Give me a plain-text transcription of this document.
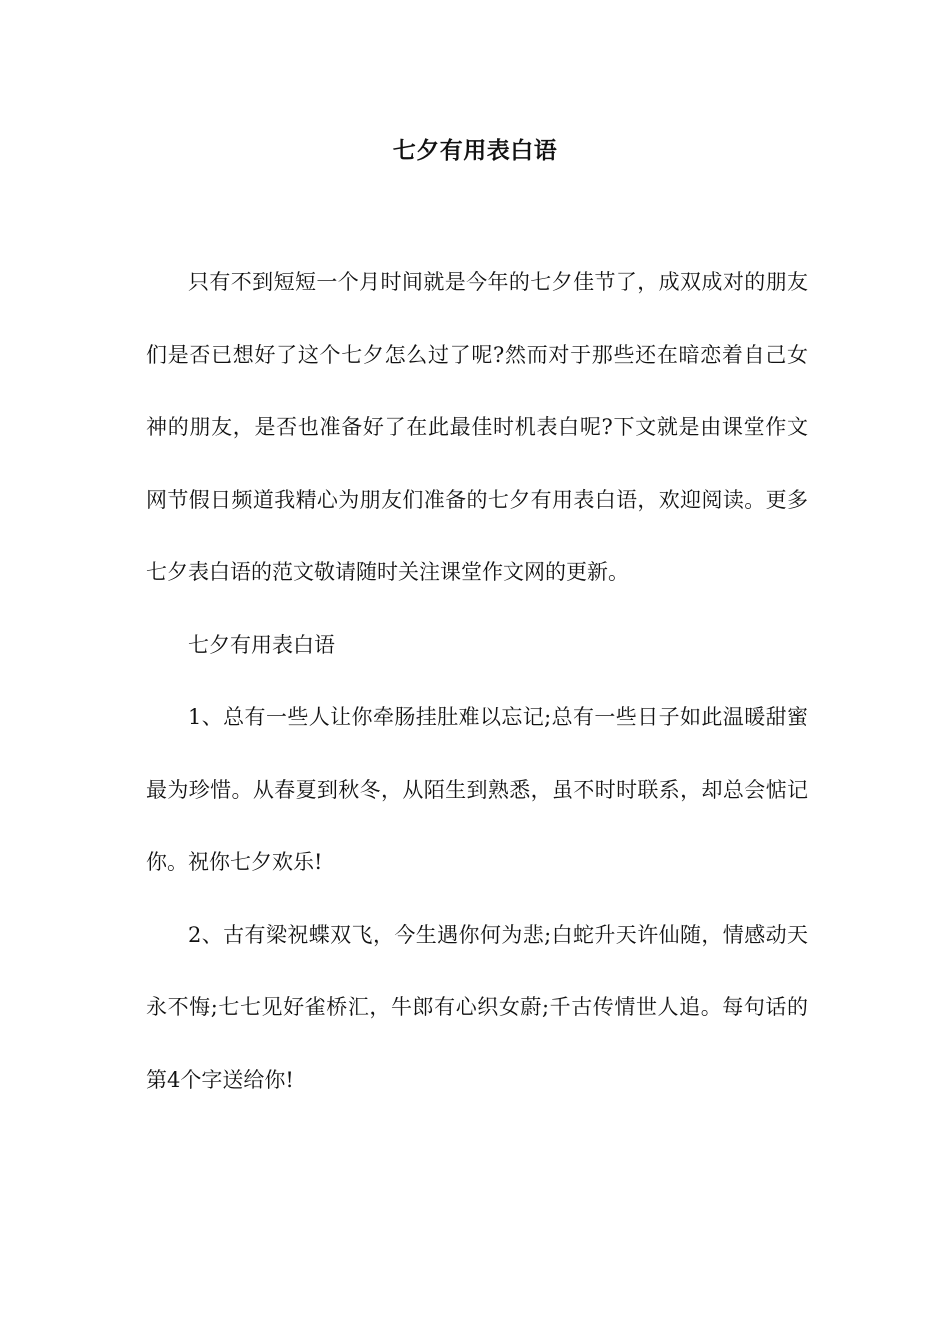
七夕有用表白语

只有不到短短一个月时间就是今年的七夕佳节了，成双成对的朋友们是否已想好了这个七夕怎么过了呢?然而对于那些还在暗恋着自己女神的朋友，是否也准备好了在此最佳时机表白呢?下文就是由课堂作文网节假日频道我精心为朋友们准备的七夕有用表白语，欢迎阅读。更多七夕表白语的范文敬请随时关注课堂作文网的更新。

七夕有用表白语

1、总有一些人让你牵肠挂肚难以忘记;总有一些日子如此温暖甜蜜最为珍惜。从春夏到秋冬，从陌生到熟悉，虽不时时联系，却总会惦记你。祝你七夕欢乐!

2、古有梁祝蝶双飞，今生遇你何为悲;白蛇升天许仙随，情感动天永不悔;七七见好雀桥汇，牛郎有心织女蔚;千古传情世人追。每句话的第4个字送给你!
